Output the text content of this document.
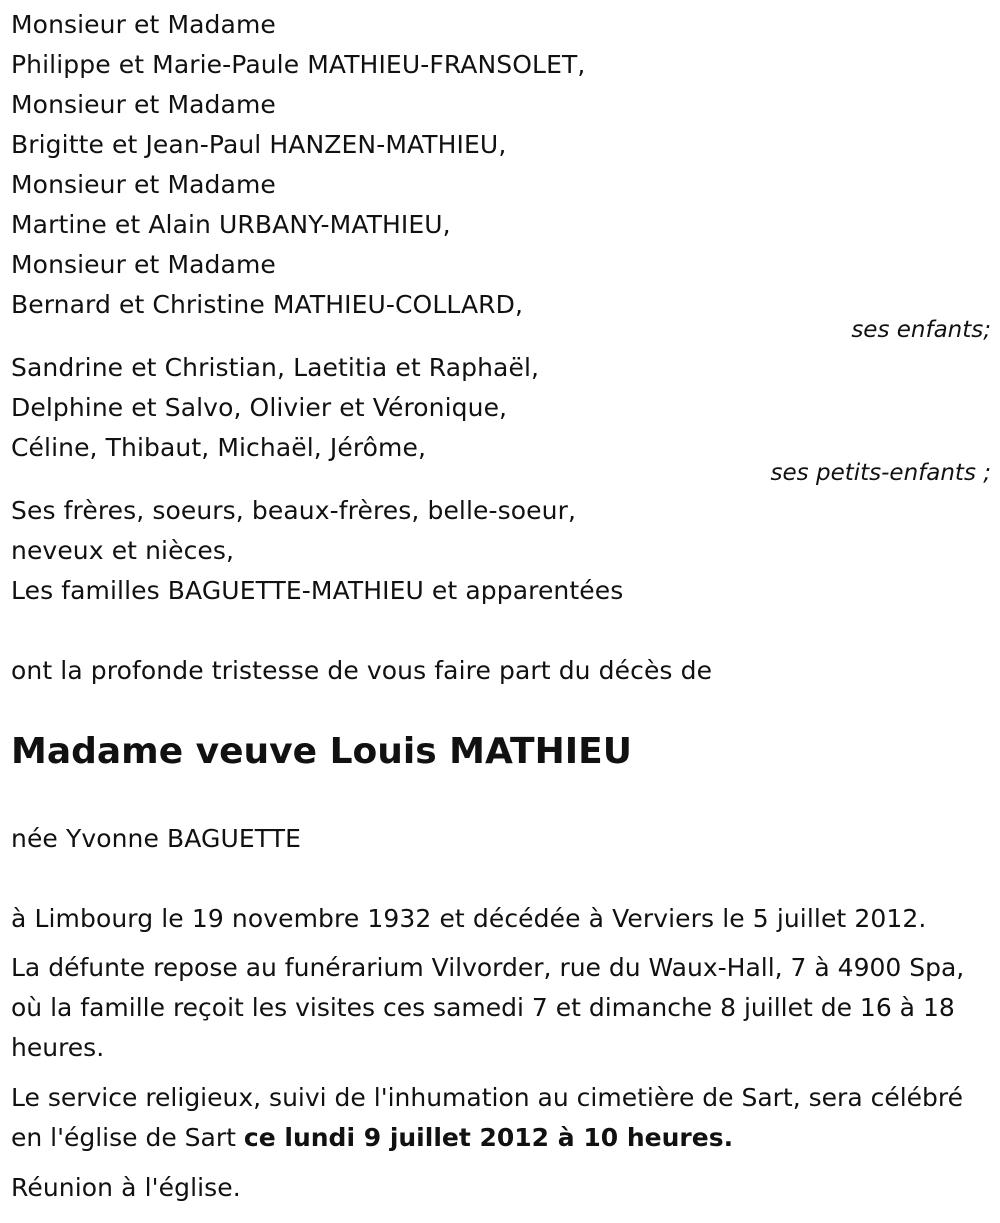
Monsieur et Madame
Philippe et Marie-Paule MATHIEU-FRANSOLET,
Monsieur et Madame
Brigitte et Jean-Paul HANZEN-MATHIEU,
Monsieur et Madame
Martine et Alain URBANY-MATHIEU,
Monsieur et Madame
Bernard et Christine MATHIEU-COLLARD,
ses enfants;
Sandrine et Christian, Laetitia et Raphaël,
Delphine et Salvo, Olivier et Véronique,
Céline, Thibaut, Michaël, Jérôme,
ses petits-enfants ;
Ses frères, soeurs, beaux-frères, belle-soeur,
neveux et nièces,
Les familles BAGUETTE-MATHIEU et apparentées
ont la profonde tristesse de vous faire part du décès de
Madame veuve Louis MATHIEU
née Yvonne BAGUETTE
à Limbourg le 19 novembre 1932 et décédée à Verviers le 5 juillet 2012.
La défunte repose au funérarium Vilvorder, rue du Waux-Hall, 7 à 4900 Spa, où la famille reçoit les visites ces samedi 7 et dimanche 8 juillet de 16 à 18 heures.
Le service religieux, suivi de l'inhumation au cimetière de Sart, sera célébré en l'église de Sart ce lundi 9 juillet 2012 à 10 heures.
Réunion à l'église.
